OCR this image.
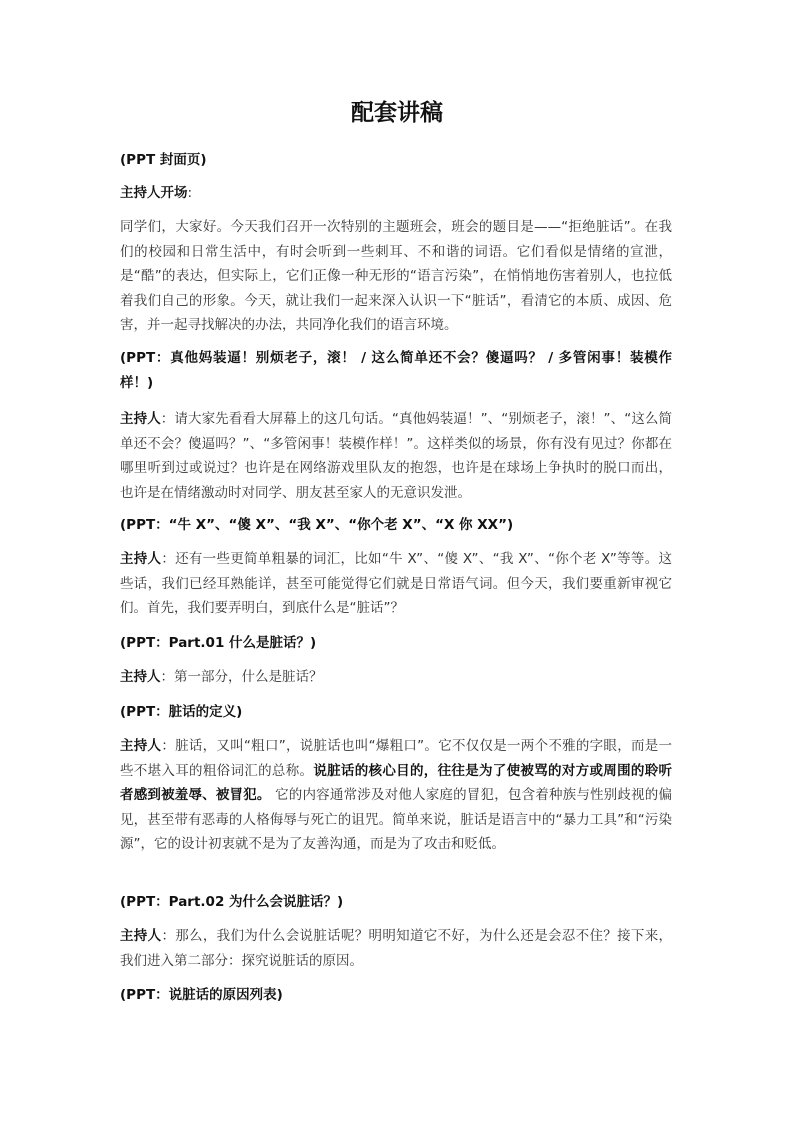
配套讲稿
(PPT 封面页)
主持人开场:
同学们，大家好。今天我们召开一次特别的主题班会，班会的题目是——“拒绝脏话”。在我们的校园和日常生活中，有时会听到一些刺耳、不和谐的词语。它们看似是情绪的宣泄，是“酷”的表达，但实际上，它们正像一种无形的“语言污染”，在悄悄地伤害着别人，也拉低着我们自己的形象。今天，就让我们一起来深入认识一下“脏话”，看清它的本质、成因、危害，并一起寻找解决的办法，共同净化我们的语言环境。
(PPT：真他妈装逼！别烦老子，滚！ / 这么简单还不会？傻逼吗？ / 多管闲事！装模作样！)
主持人：请大家先看看大屏幕上的这几句话。“真他妈装逼！”、“别烦老子，滚！”、“这么简单还不会？傻逼吗？”、“多管闲事！装模作样！”。这样类似的场景，你有没有见过？你都在哪里听到过或说过？也许是在网络游戏里队友的抱怨，也许是在球场上争执时的脱口而出，也许是在情绪激动时对同学、朋友甚至家人的无意识发泄。
(PPT：“牛 X”、“傻 X”、“我 X”、“你个老 X”、“X 你 XX”)
主持人：还有一些更简单粗暴的词汇，比如“牛 X”、“傻 X”、“我 X”、“你个老 X”等等。这些话，我们已经耳熟能详，甚至可能觉得它们就是日常语气词。但今天，我们要重新审视它们。首先，我们要弄明白，到底什么是“脏话”？
(PPT：Part.01 什么是脏话？)
主持人：第一部分，什么是脏话？
(PPT：脏话的定义)
主持人：脏话，又叫“粗口”，说脏话也叫“爆粗口”。它不仅仅是一两个不雅的字眼，而是一些不堪入耳的粗俗词汇的总称。说脏话的核心目的，往往是为了使被骂的对方或周围的聆听者感到被羞辱、被冒犯。 它的内容通常涉及对他人家庭的冒犯，包含着种族与性别歧视的偏见，甚至带有恶毒的人格侮辱与死亡的诅咒。简单来说，脏话是语言中的“暴力工具”和“污染源”，它的设计初衷就不是为了友善沟通，而是为了攻击和贬低。
(PPT：Part.02 为什么会说脏话？)
主持人：那么，我们为什么会说脏话呢？明明知道它不好，为什么还是会忍不住？接下来，我们进入第二部分：探究说脏话的原因。
(PPT：说脏话的原因列表)
